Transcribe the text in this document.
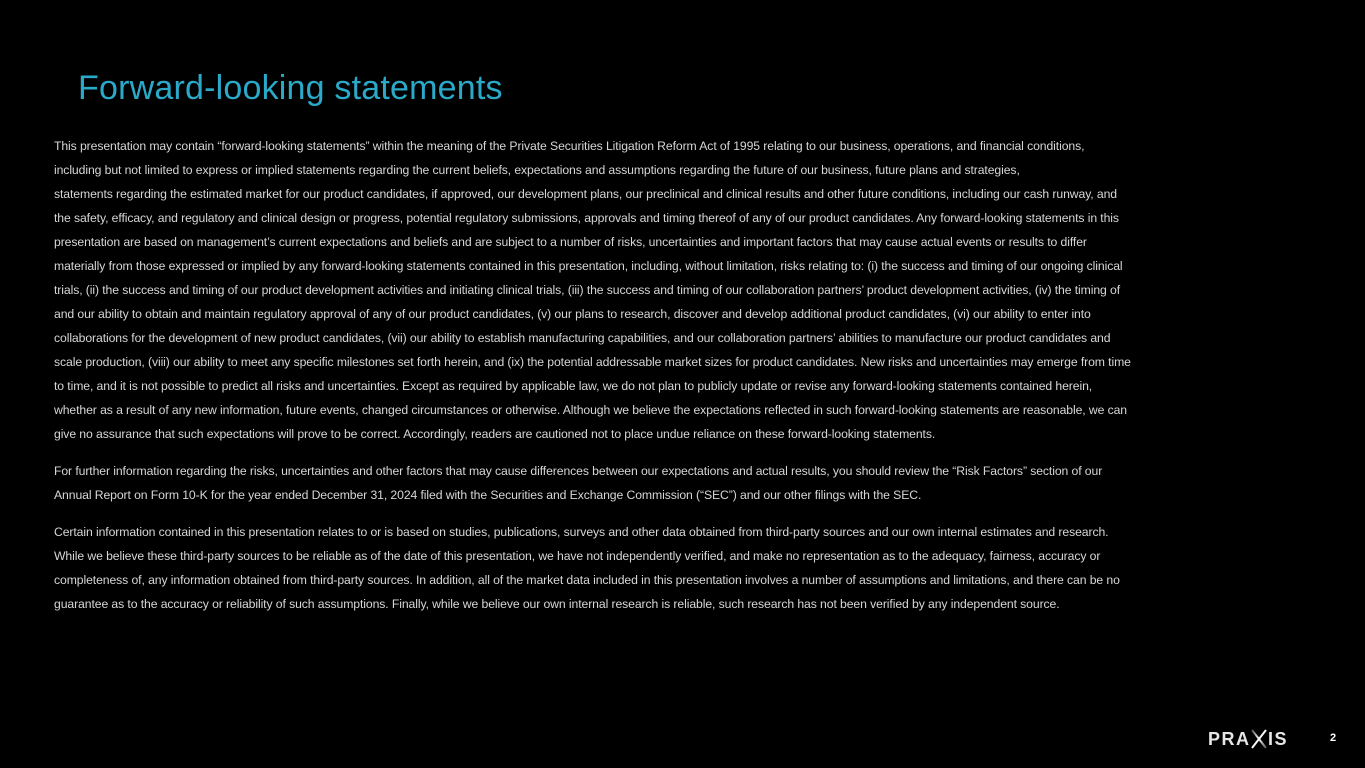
Forward-looking statements
This presentation may contain “forward-looking statements” within the meaning of the Private Securities Litigation Reform Act of 1995 relating to our business, operations, and financial conditions,
including but not limited to express or implied statements regarding the current beliefs, expectations and assumptions regarding the future of our business, future plans and strategies,
statements regarding the estimated market for our product candidates, if approved, our development plans, our preclinical and clinical results and other future conditions, including our cash runway, and
the safety, efficacy, and regulatory and clinical design or progress, potential regulatory submissions, approvals and timing thereof of any of our product candidates. Any forward-looking statements in this
presentation are based on management’s current expectations and beliefs and are subject to a number of risks, uncertainties and important factors that may cause actual events or results to differ
materially from those expressed or implied by any forward-looking statements contained in this presentation, including, without limitation, risks relating to: (i) the success and timing of our ongoing clinical
trials, (ii) the success and timing of our product development activities and initiating clinical trials, (iii) the success and timing of our collaboration partners’ product development activities, (iv) the timing of
and our ability to obtain and maintain regulatory approval of any of our product candidates, (v) our plans to research, discover and develop additional product candidates, (vi) our ability to enter into
collaborations for the development of new product candidates, (vii) our ability to establish manufacturing capabilities, and our collaboration partners’ abilities to manufacture our product candidates and
scale production, (viii) our ability to meet any specific milestones set forth herein, and (ix) the potential addressable market sizes for product candidates. New risks and uncertainties may emerge from time
to time, and it is not possible to predict all risks and uncertainties. Except as required by applicable law, we do not plan to publicly update or revise any forward-looking statements contained herein,
whether as a result of any new information, future events, changed circumstances or otherwise. Although we believe the expectations reflected in such forward-looking statements are reasonable, we can
give no assurance that such expectations will prove to be correct. Accordingly, readers are cautioned not to place undue reliance on these forward-looking statements.
For further information regarding the risks, uncertainties and other factors that may cause differences between our expectations and actual results, you should review the “Risk Factors” section of our
Annual Report on Form 10-K for the year ended December 31, 2024 filed with the Securities and Exchange Commission (“SEC”) and our other filings with the SEC.
Certain information contained in this presentation relates to or is based on studies, publications, surveys and other data obtained from third-party sources and our own internal estimates and research.
While we believe these third-party sources to be reliable as of the date of this presentation, we have not independently verified, and make no representation as to the adequacy, fairness, accuracy or
completeness of, any information obtained from third-party sources. In addition, all of the market data included in this presentation involves a number of assumptions and limitations, and there can be no
guarantee as to the accuracy or reliability of such assumptions. Finally, while we believe our own internal research is reliable, such research has not been verified by any independent source.
PRA IS	2
